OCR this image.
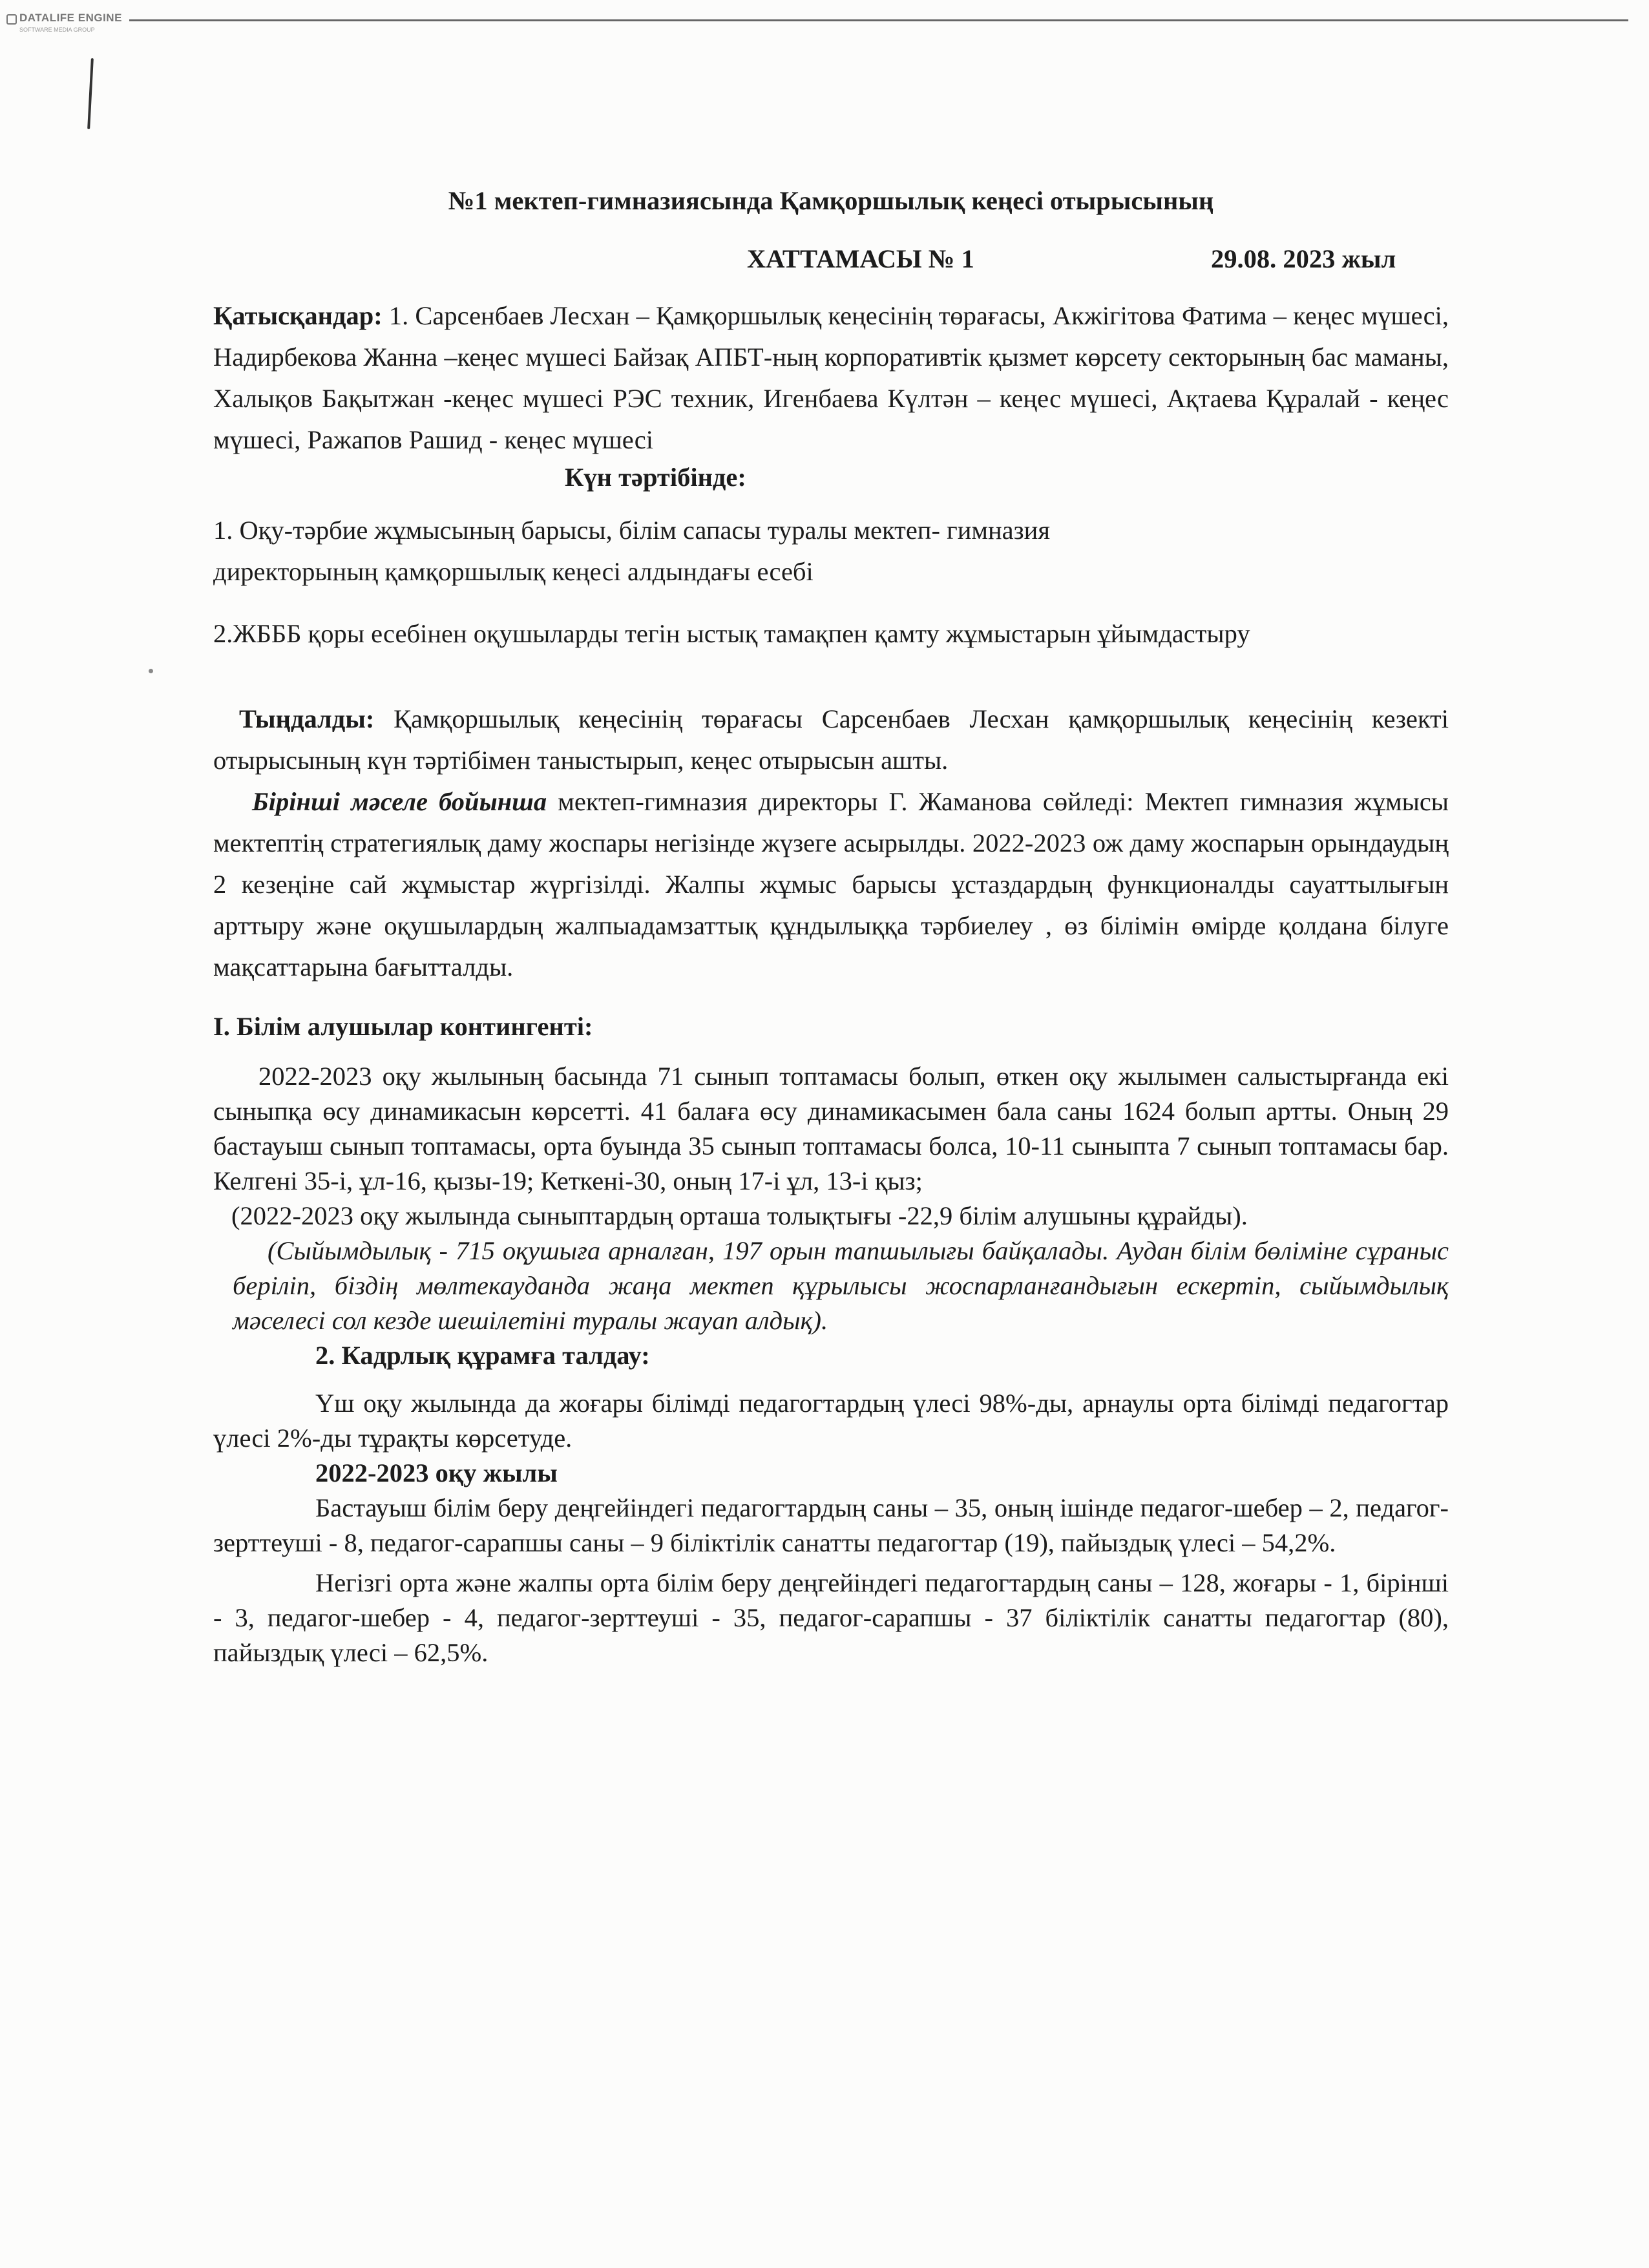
DATALIFE ENGINE
SOFTWARE MEDIA GROUP

№1 мектеп-гимназиясында Қамқоршылық кеңесі отырысының

ХАТТАМАСЫ № 1	29.08. 2023 жыл

Қатысқандар: 1. Сарсенбаев Лесхан – Қамқоршылық кеңесінің төрағасы, Акжігітова Фатима – кеңес мүшесі, Надирбекова Жанна –кеңес мүшесі Байзақ АПБТ-ның корпоративтік қызмет көрсету секторының бас маманы, Халықов Бақытжан -кеңес мүшесі РЭС техник, Игенбаева Күлтән – кеңес мүшесі, Ақтаева Құралай - кеңес мүшесі, Ражапов Рашид - кеңес мүшесі

Күн тәртібінде:

1. Оқу-тәрбие жұмысының барысы, білім сапасы туралы мектеп- гимназия
директорының қамқоршылық кеңесі алдындағы есебі

2.ЖБББ қоры есебінен оқушыларды тегін ыстық тамақпен қамту жұмыстарын ұйымдастыру

Тыңдалды: Қамқоршылық кеңесінің төрағасы Сарсенбаев Лесхан қамқоршылық кеңесінің кезекті отырысының күн тәртібімен таныстырып, кеңес отырысын ашты.

Бірінші мәселе бойынша мектеп-гимназия директоры Г. Жаманова сөйледі: Мектеп гимназия жұмысы мектептің стратегиялық даму жоспары негізінде жүзеге асырылды. 2022-2023 ож даму жоспарын орындаудың 2 кезеңіне сай жұмыстар жүргізілді. Жалпы жұмыс барысы ұстаздардың функционалды сауаттылығын арттыру және оқушылардың жалпыадамзаттық құндылыққа тәрбиелеу , өз білімін өмірде қолдана білуге мақсаттарына бағытталды.

I. Білім алушылар контингенті:

2022-2023 оқу жылының басында 71 сынып топтамасы болып, өткен оқу жылымен салыстырғанда екі сыныпқа өсу динамикасын көрсетті. 41 балаға өсу динамикасымен бала саны 1624 болып артты. Оның 29 бастауыш сынып топтамасы, орта буында 35 сынып топтамасы болса, 10-11 сыныпта 7 сынып топтамасы бар. Келгені 35-і, ұл-16, қызы-19; Кеткені-30, оның 17-і ұл, 13-і қыз;

(2022-2023 оқу жылында сыныптардың орташа толықтығы -22,9 білім алушыны құрайды).

(Сыйымдылық - 715 оқушыға арналған, 197 орын тапшылығы байқалады. Аудан білім бөліміне сұраныс беріліп, біздің мөлтекауданда жаңа мектеп құрылысы жоспарланғандығын ескертіп, сыйымдылық мәселесі сол кезде шешілетіні туралы жауап алдық).

2. Кадрлық құрамға талдау:

Үш оқу жылында да жоғары білімді педагогтардың үлесі 98%-ды, арнаулы орта білімді педагогтар үлесі 2%-ды тұрақты көрсетуде.

2022-2023 оқу жылы

Бастауыш білім беру деңгейіндегі педагогтардың саны – 35, оның ішінде педагог-шебер – 2, педагог-зерттеуші - 8, педагог-сарапшы саны – 9 біліктілік санатты педагогтар (19), пайыздық үлесі – 54,2%.

Негізгі орта және жалпы орта білім беру деңгейіндегі педагогтардың саны – 128, жоғары - 1, бірінші - 3, педагог-шебер - 4, педагог-зерттеуші - 35, педагог-сарапшы - 37 біліктілік санатты педагогтар (80), пайыздық үлесі – 62,5%.
